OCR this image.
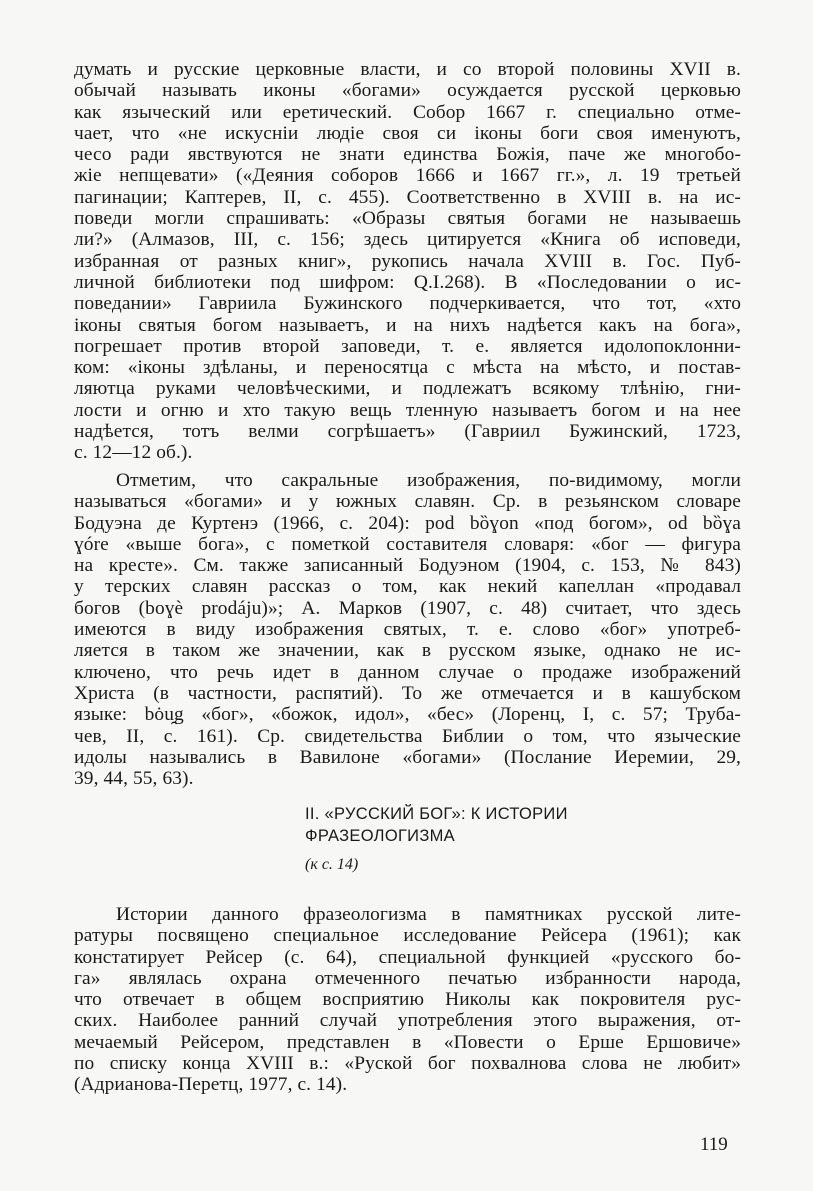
думать и русские церковные власти, и со второй половины XVII в.
обычай называть иконы «богами» осуждается русской церковью
как языческий или еретический. Собор 1667 г. специально отме-
чает, что «не искусніи людіе своя си іконы боги своя именуютъ,
чесо ради явствуются не знати единства Божія, паче же многобо-
жіе непщевати» («Деяния соборов 1666 и 1667 гг.», л. 19 третьей
пагинации; Каптерев, II, с. 455). Соответственно в XVIII в. на ис-
поведи могли спрашивать: «Образы святыя богами не называешь
ли?» (Алмазов, III, с. 156; здесь цитируется «Книга об исповеди,
избранная от разных книг», рукопись начала XVIII в. Гос. Пуб-
личной библиотеки под шифром: Q.I.268). В «Последовании о ис-
поведании» Гавриила Бужинского подчеркивается, что тот, «хто
іконы святыя богом называетъ, и на нихъ надѣется какъ на бога»,
погрешает против второй заповеди, т. е. является идолопоклонни-
ком: «іконы здѣланы, и переносятца с мѣста на мѣсто, и постав-
ляютца руками человѣческими, и подлежатъ всякому тлѣнію, гни-
лости и огню и хто такую вещь тленную называетъ богом и на нее
надѣется, тотъ велми согрѣшаетъ» (Гавриил Бужинский, 1723,
с. 12—12 об.).
Отметим, что сакральные изображения, по-видимому, могли
называться «богами» и у южных славян. Ср. в резьянском словаре
Бодуэна де Куртенэ (1966, с. 204): pod bȍɣon «под богом», od bȍɣa
ɣóre «выше бога», с пометкой составителя словаря: «бог — фигура
на кресте». См. также записанный Бодуэном (1904, с. 153, № 843)
у терских славян рассказ о том, как некий капеллан «продавал
богов (boɣè prodáju)»; А. Марков (1907, с. 48) считает, что здесь
имеются в виду изображения святых, т. е. слово «бог» употреб-
ляется в таком же значении, как в русском языке, однако не ис-
ключено, что речь идет в данном случае о продаже изображений
Христа (в частности, распятий). То же отмечается и в кашубском
языке: bȯu̯g «бог», «божок, идол», «бес» (Лоренц, I, с. 57; Труба-
чев, II, с. 161). Ср. свидетельства Библии о том, что языческие
идолы назывались в Вавилоне «богами» (Послание Иеремии, 29,
39, 44, 55, 63).
II. «РУССКИЙ БОГ»: К ИСТОРИИ
ФРАЗЕОЛОГИЗМА
(к с. 14)
Истории данного фразеологизма в памятниках русской лите-
ратуры посвящено специальное исследование Рейсера (1961); как
констатирует Рейсер (с. 64), специальной функцией «русского бо-
га» являлась охрана отмеченного печатью избранности народа,
что отвечает в общем восприятию Николы как покровителя рус-
ских. Наиболее ранний случай употребления этого выражения, от-
мечаемый Рейсером, представлен в «Повести о Ерше Ершовиче»
по списку конца XVIII в.: «Руской бог похвалнова слова не любит»
(Адрианова-Перетц, 1977, с. 14).
119
